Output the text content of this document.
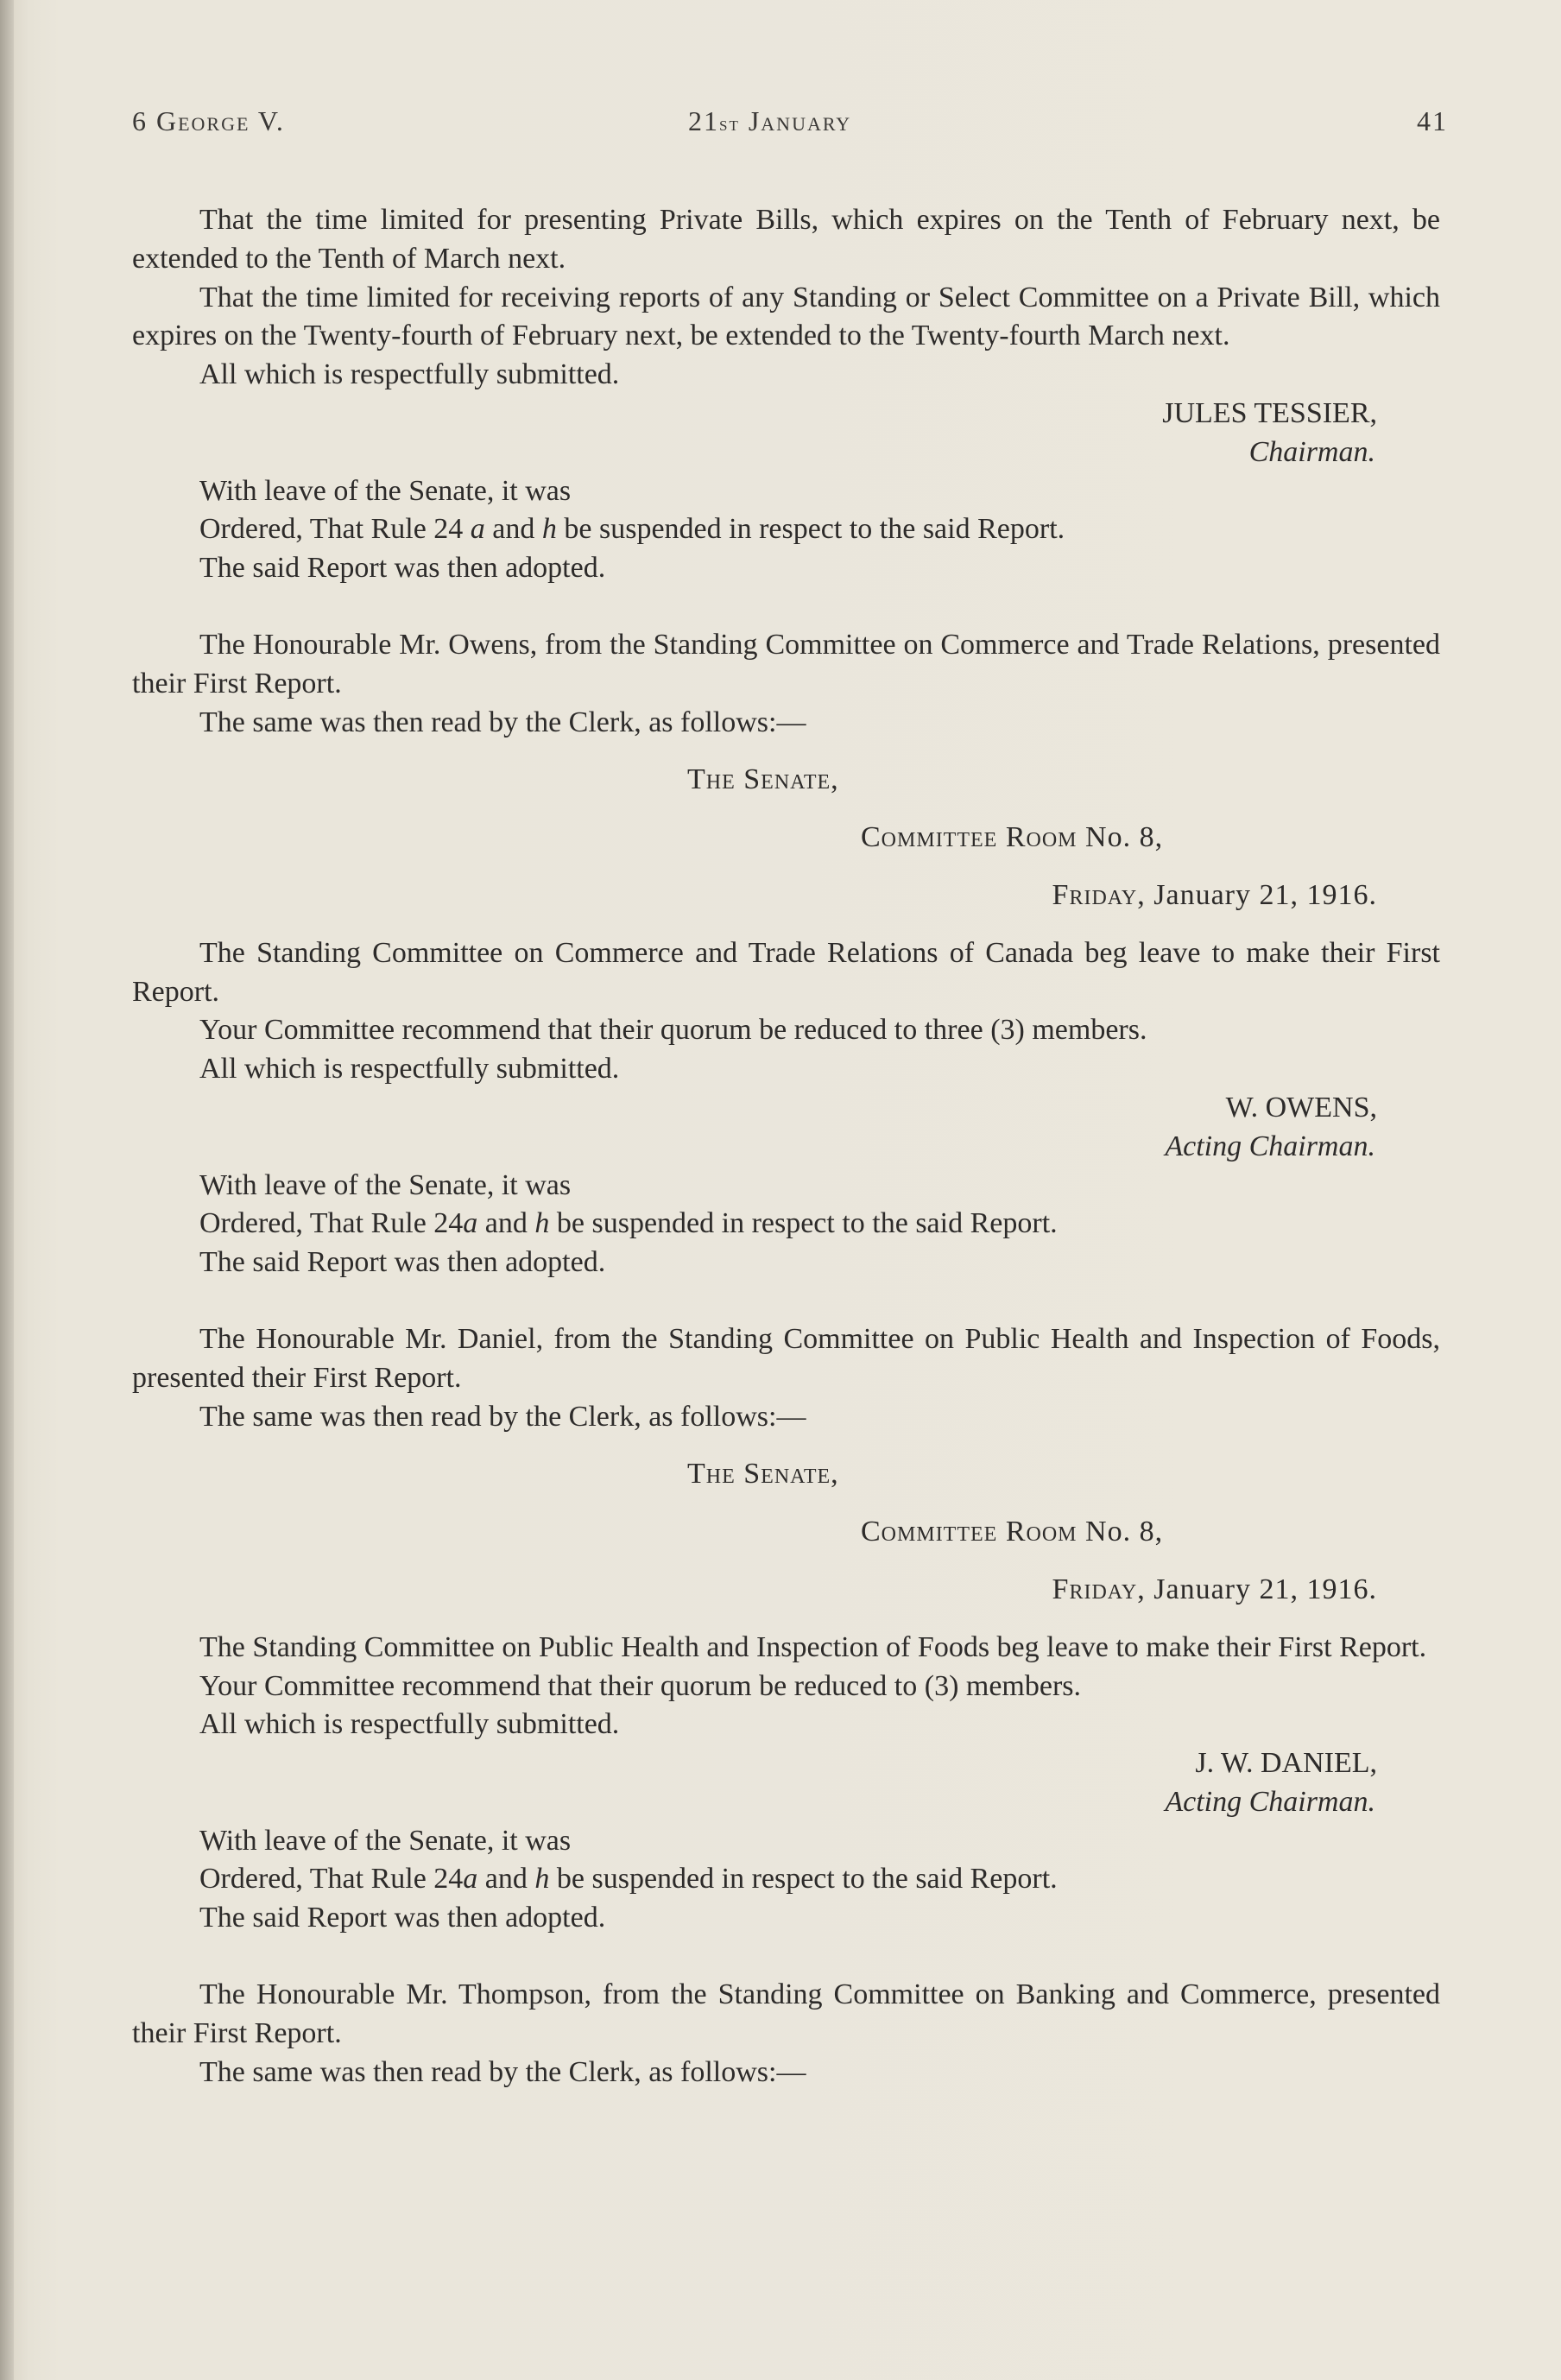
6 George V.	21st January	41

That the time limited for presenting Private Bills, which expires on the Tenth of February next, be extended to the Tenth of March next.

That the time limited for receiving reports of any Standing or Select Committee on a Private Bill, which expires on the Twenty-fourth of February next, be extended to the Twenty-fourth March next.

All which is respectfully submitted.

JULES TESSIER,

Chairman.

With leave of the Senate, it was

Ordered, That Rule 24 a and h be suspended in respect to the said Report.

The said Report was then adopted.

The Honourable Mr. Owens, from the Standing Committee on Commerce and Trade Relations, presented their First Report.

The same was then read by the Clerk, as follows:—

The Senate,

Committee Room No. 8,

Friday, January 21, 1916.

The Standing Committee on Commerce and Trade Relations of Canada beg leave to make their First Report.

Your Committee recommend that their quorum be reduced to three (3) members.

All which is respectfully submitted.

W. OWENS,

Acting Chairman.

With leave of the Senate, it was

Ordered, That Rule 24a and h be suspended in respect to the said Report.

The said Report was then adopted.

The Honourable Mr. Daniel, from the Standing Committee on Public Health and Inspection of Foods, presented their First Report.

The same was then read by the Clerk, as follows:—

The Senate,

Committee Room No. 8,

Friday, January 21, 1916.

The Standing Committee on Public Health and Inspection of Foods beg leave to make their First Report.

Your Committee recommend that their quorum be reduced to (3) members.

All which is respectfully submitted.

J. W. DANIEL,

Acting Chairman.

With leave of the Senate, it was

Ordered, That Rule 24a and h be suspended in respect to the said Report.

The said Report was then adopted.

The Honourable Mr. Thompson, from the Standing Committee on Banking and Commerce, presented their First Report.

The same was then read by the Clerk, as follows:—
